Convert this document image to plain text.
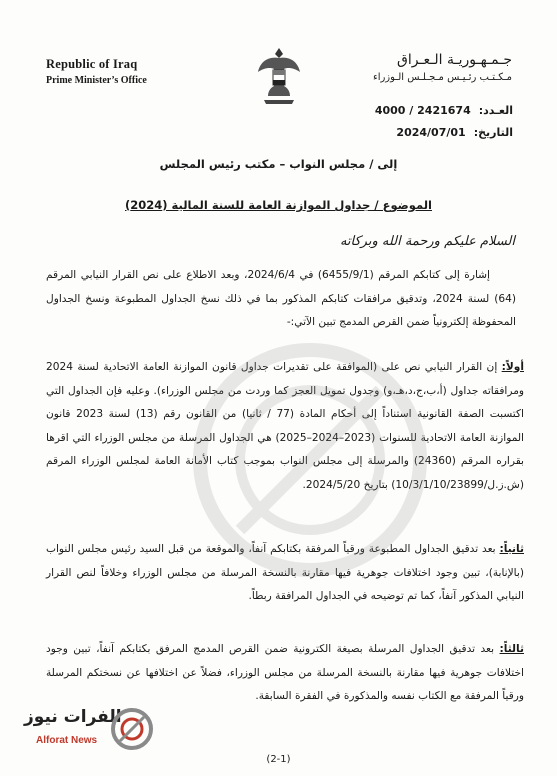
Republic of Iraq
Prime Minister’s Office
جـمـهـوريـة الـعـراق
مـكـتـب رئـيـس مـجـلـس الـوزراء
العـدد:2421674 / 4000
التاريخ:2024/07/01
إلى / مجلس النواب – مكتب رئيس المجلس
الموضوع / جداول الموازنة العامة للسنة المالية (2024)
السلام عليكم ورحمة الله وبركاته

إشارة إلى كتابكم المرقم (6455/9/1) في 2024/6/4، وبعد الاطلاع على نص القرار النيابي المرقم (64) لسنة 2024، وتدقيق مرافقات كتابكم المذكور بما في ذلك نسخ الجداول المطبوعة ونسخ الجداول المحفوظة إلكترونياً ضمن القرص المدمج تبين الآتي:-

أولاً: إن القرار النيابي نص على (الموافقة على تقديرات جداول قانون الموازنة العامة الاتحادية لسنة 2024 ومرافقاته جداول (أ،ب،ج،د،هـ،و) وجدول تمويل العجز كما وردت من مجلس الوزراء). وعليه فإن الجداول التي اكتسبت الصفة القانونية استناداً إلى أحكام المادة (77 / ثانيا) من القانون رقم (13) لسنة 2023 قانون الموازنة العامة الاتحادية للسنوات (2023–2024–2025) هي الجداول المرسلة من مجلس الوزراء التي اقرها بقراره المرقم (24360) والمرسلة إلى مجلس النواب بموجب كتاب الأمانة العامة لمجلس الوزراء المرقم (ش.ز.ل/10/3/1/10/23899) بتاريخ 2024/5/20.
ثانياً: بعد تدقيق الجداول المطبوعة ورقياً المرفقة بكتابكم آنفاً، والموقعة من قبل السيد رئيس مجلس النواب (بالإنابة)، تبين وجود اختلافات جوهرية فيها مقارنة بالنسخة المرسلة من مجلس الوزراء وخلافاً لنص القرار النيابي المذكور آنفاً، كما تم توضيحه في الجداول المرافقة ربطاً.
ثالثاً: بعد تدقيق الجداول المرسلة بصيغة الكترونية ضمن القرص المدمج المرفق بكتابكم آنفاً، تبين وجود اختلافات جوهرية فيها مقارنة بالنسخة المرسلة من مجلس الوزراء، فضلاً عن اختلافها عن نسختكم المرسلة ورقياً المرفقة مع الكتاب نفسه والمذكورة في الفقرة السابقة.
(2-1)
الفرات نيوز
Alforat News
